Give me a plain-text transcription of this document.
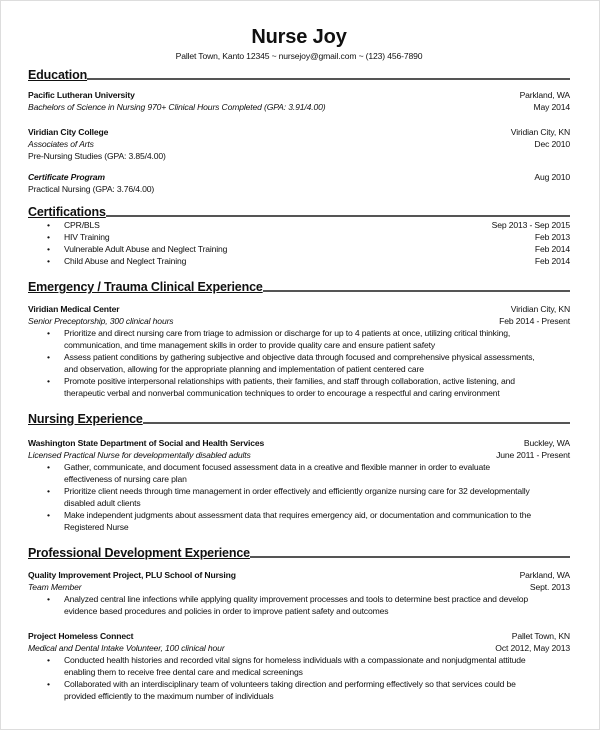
Nurse Joy
Pallet Town, Kanto 12345 ~ nursejoy@gmail.com ~ (123) 456-7890
Education
Pacific Lutheran University	Parkland, WA
Bachelors of Science in Nursing 970+ Clinical Hours Completed (GPA: 3.91/4.00)	May 2014
Viridian City College	Viridian City, KN
Associates of Arts	Dec 2010
Pre-Nursing Studies (GPA: 3.85/4.00)
Certificate Program	Aug 2010
Practical Nursing (GPA: 3.76/4.00)
Certifications
• CPR/BLS	Sep 2013 - Sep 2015
• HIV Training	Feb 2013
• Vulnerable Adult Abuse and Neglect Training	Feb 2014
• Child Abuse and Neglect Training	Feb 2014
Emergency / Trauma Clinical Experience
Viridian Medical Center	Viridian City, KN
Senior Preceptorship, 300 clinical hours	Feb 2014 - Present
• Prioritize and direct nursing care from triage to admission or discharge for up to 4 patients at once, utilizing critical thinking, communication, and time management skills in order to provide quality care and ensure patient safety
• Assess patient conditions by gathering subjective and objective data through focused and comprehensive physical assessments, and observation, allowing for the appropriate planning and implementation of patient centered care
• Promote positive interpersonal relationships with patients, their families, and staff through collaboration, active listening, and therapeutic verbal and nonverbal communication techniques to order to encourage a respectful and caring environment
Nursing Experience
Washington State Department of Social and Health Services	Buckley, WA
Licensed Practical Nurse for developmentally disabled adults	June 2011 - Present
• Gather, communicate, and document focused assessment data in a creative and flexible manner in order to evaluate effectiveness of nursing care plan
• Prioritize client needs through time management in order effectively and efficiently organize nursing care for 32 developmentally disabled adult clients
• Make independent judgments about assessment data that requires emergency aid, or documentation and communication to the Registered Nurse
Professional Development Experience
Quality Improvement Project, PLU School of Nursing	Parkland, WA
Team Member	Sept. 2013
• Analyzed central line infections while applying quality improvement processes and tools to determine best practice and develop evidence based procedures and policies in order to improve patient safety and outcomes
Project Homeless Connect	Pallet Town, KN
Medical and Dental Intake Volunteer, 100 clinical hour	Oct 2012, May 2013
• Conducted health histories and recorded vital signs for homeless individuals with a compassionate and nonjudgmental attitude enabling them to receive free dental care and medical screenings
• Collaborated with an interdisciplinary team of volunteers taking direction and performing effectively so that services could be provided efficiently to the maximum number of individuals
